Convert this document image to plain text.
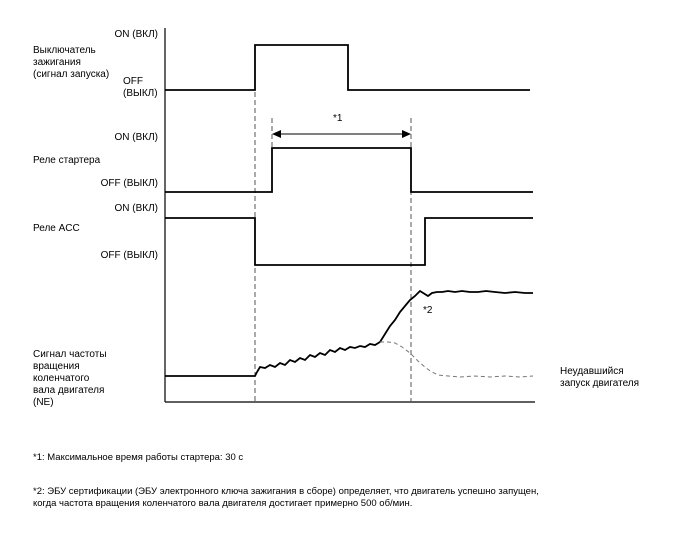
Выключатель
зажигания
(сигнал запуска)
ON (ВКЛ)
OFF
(ВЫКЛ)
ON (ВКЛ)
Реле стартера
OFF (ВЫКЛ)
ON (ВКЛ)
Реле ACC
OFF (ВЫКЛ)
Сигнал частоты
вращения
коленчатого
вала двигателя
(NE)
*1
*2
Неудавшийся
запуск двигателя
*1: Максимальное время работы стартера: 30 с
*2: ЭБУ сертификации (ЭБУ электронного ключа зажигания в сборе) определяет, что двигатель успешно запущен,
когда частота вращения коленчатого вала двигателя достигает примерно 500 об/мин.
